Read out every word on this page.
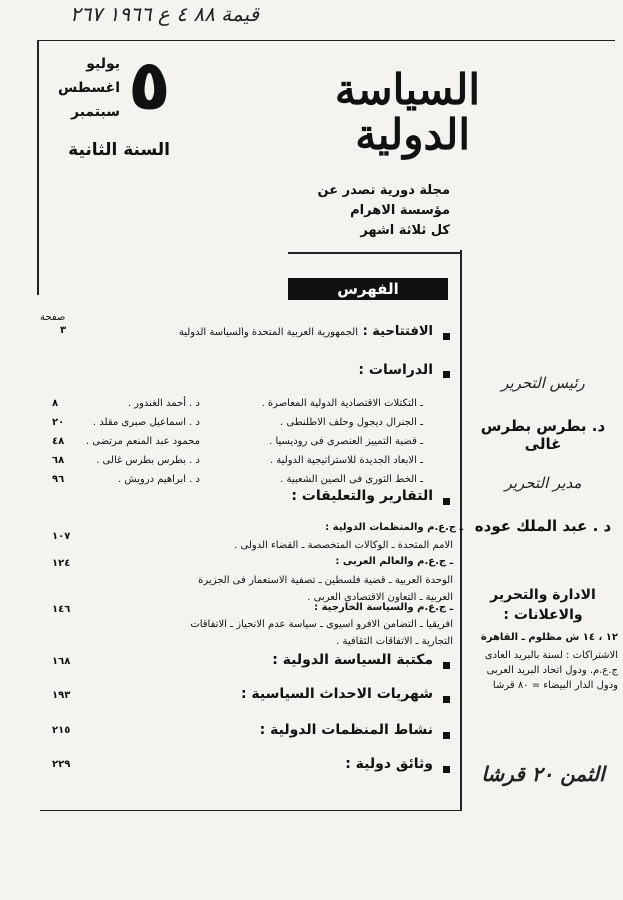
قيمة ٨٨ ٤ ع ١٩٦٦ ٢٦٧
السياسة
الدولية
٥
يوليو
اغسطس
سبتمبر
السنة الثانية
مجلة دورية تصدر عن
مؤسسة الاهرام
كل ثلاثة اشهر
الفهرس
صفحة
الافتتاحية :
الجمهورية العربية المتحدة والسياسة الدولية
٣
الدراسات :
ـ التكتلات الاقتصادية الدولية المعاصرة .
د . أحمد الغندور .
٨
ـ الجنرال ديجول وحلف الاطلنطى .
د . اسماعيل صبرى مقلد .
٢٠
ـ قضية التمييز العنصرى فى روديسيا .
محمود عبد المنعم مرتضى .
٤٨
ـ الابعاد الجديدة للاستراتيجية الدولية .
د . بطرس بطرس غالى .
٦٨
ـ الخط الثورى فى الصين الشعبية .
د . ابراهيم درويش .
٩٦
التقارير والتعليقات :
ـ ج.ع.م والمنظمات الدولية :
الامم المتحدة ـ الوكالات المتخصصة ـ القضاء الدولى .
١٠٧
ـ ج.ع.م والعالم العربى :
الوحدة العربية ـ قضية فلسطين ـ تصفية الاستعمار فى الجزيرة العربية ـ التعاون الاقتصادى العربى .
١٢٤
ـ ج.ع.م والسياسة الخارجية :
افريقيا ـ التضامن الافرو اسيوى ـ سياسة عدم الانحياز ـ الاتفاقات التجارية ـ الاتفاقات الثقافية .
١٤٦
مكتبة السياسة الدولية :
١٦٨
شهريات الاحداث السياسية :
١٩٣
نشاط المنظمات الدولية :
٢١٥
وثائق دولية :
٢٢٩
رئيس التحرير
د. بطرس بطرس غالى
مدير التحرير
د . عبد الملك عوده
الادارة والتحرير والاعلانات :
١٢ ، ١٤ ش مظلوم ـ القاهرة
الاشتراكات : لسنة بالبريد العادى ج.ع.م. ودول اتحاد البريد العربى ودول الدار البيضاء = ٨٠ قرشا
الثمن ٢٠ قرشا
